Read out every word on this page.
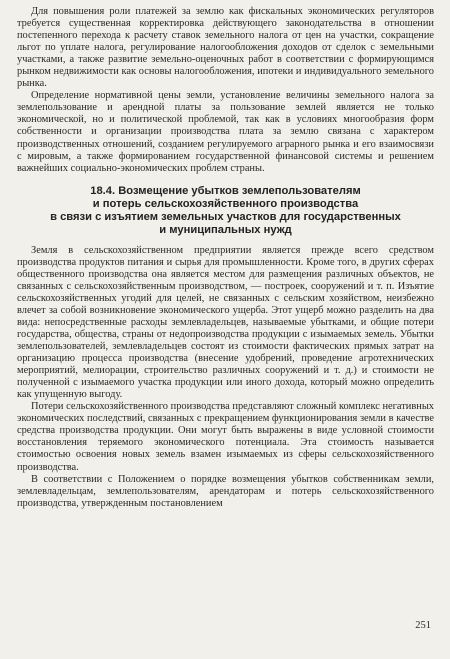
Для повышения роли платежей за землю как фискальных экономических регуляторов требуется существенная корректировка действующего законодательства в отношении постепенного перехода к расчету ставок земельного налога от цен на участки, сокращение льгот по уплате налога, регулирование налогообложения доходов от сделок с земельными участками, а также развитие земельно-оценочных работ в соответствии с формирующимся рынком недвижимости как основы налогообложения, ипотеки и индивидуального земельного рынка.

Определение нормативной цены земли, установление величины земельного налога за землепользование и арендной платы за пользование землей является не только экономической, но и политической проблемой, так как в условиях многообразия форм собственности и организации производства плата за землю связана с характером производственных отношений, созданием регулируемого аграрного рынка и его взаимосвязи с мировым, а также формированием государственной финансовой системы и решением важнейших социально-экономических проблем страны.

18.4. Возмещение убытков землепользователям
и потерь сельскохозяйственного производства
в связи с изъятием земельных участков для государственных
и муниципальных нужд

Земля в сельскохозяйственном предприятии является прежде всего средством производства продуктов питания и сырья для промышленности. Кроме того, в других сферах общественного производства она является местом для размещения различных объектов, не связанных с сельскохозяйственным производством, — построек, сооружений и т. п. Изъятие сельскохозяйственных угодий для целей, не связанных с сельским хозяйством, неизбежно влечет за собой возникновение экономического ущерба. Этот ущерб можно разделить на два вида: непосредственные расходы землевладельцев, называемые убытками, и общие потери государства, общества, страны от недопроизводства продукции с изымаемых земель. Убытки землепользователей, землевладельцев состоят из стоимости фактических прямых затрат на организацию процесса производства (внесение удобрений, проведение агротехнических мероприятий, мелиорации, строительство различных сооружений и т. д.) и стоимости не полученной с изымаемого участка продукции или иного дохода, который можно определить как упущенную выгоду.

Потери сельскохозяйственного производства представляют сложный комплекс негативных экономических последствий, связанных с прекращением функционирования земли в качестве средства производства продукции. Они могут быть выражены в виде условной стоимости восстановления теряемого экономического потенциала. Эта стоимость называется стоимостью освоения новых земель взамен изымаемых из сферы сельскохозяйственного производства.

В соответствии с Положением о порядке возмещения убытков собственникам земли, землевладельцам, землепользователям, арендаторам и потерь сельскохозяйственного производства, утвержденным постановлением

251
